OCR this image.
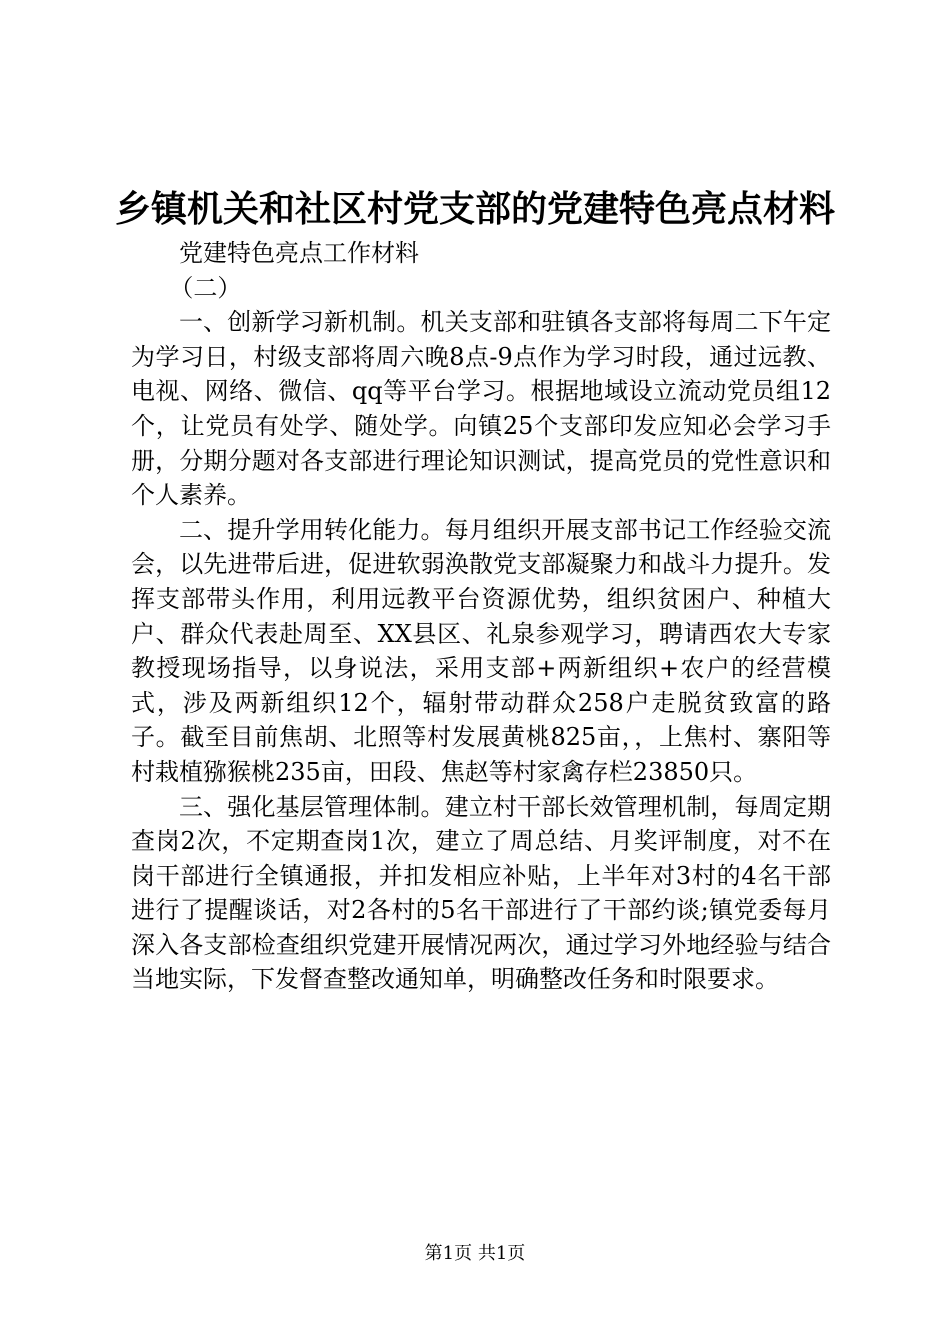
乡镇机关和社区村党支部的党建特色亮点材料

党建特色亮点工作材料

（二）

一、创新学习新机制。机关支部和驻镇各支部将每周二下午定为学习日，村级支部将周六晚8点-9点作为学习时段，通过远教、电视、网络、微信、qq等平台学习。根据地域设立流动党员组12个，让党员有处学、随处学。向镇25个支部印发应知必会学习手册，分期分题对各支部进行理论知识测试，提高党员的党性意识和个人素养。

二、提升学用转化能力。每月组织开展支部书记工作经验交流会，以先进带后进，促进软弱涣散党支部凝聚力和战斗力提升。发挥支部带头作用，利用远教平台资源优势，组织贫困户、种植大户、群众代表赴周至、XX县区、礼泉参观学习，聘请西农大专家教授现场指导，以身说法，采用支部+两新组织+农户的经营模式，涉及两新组织12个，辐射带动群众258户走脱贫致富的路子。截至目前焦胡、北照等村发展黄桃825亩，，上焦村、寨阳等村栽植猕猴桃235亩，田段、焦赵等村家禽存栏23850只。

三、强化基层管理体制。建立村干部长效管理机制，每周定期查岗2次，不定期查岗1次，建立了周总结、月奖评制度，对不在岗干部进行全镇通报，并扣发相应补贴，上半年对3村的4名干部进行了提醒谈话，对2各村的5名干部进行了干部约谈;镇党委每月深入各支部检查组织党建开展情况两次，通过学习外地经验与结合当地实际，下发督查整改通知单，明确整改任务和时限要求。

第1页 共1页
